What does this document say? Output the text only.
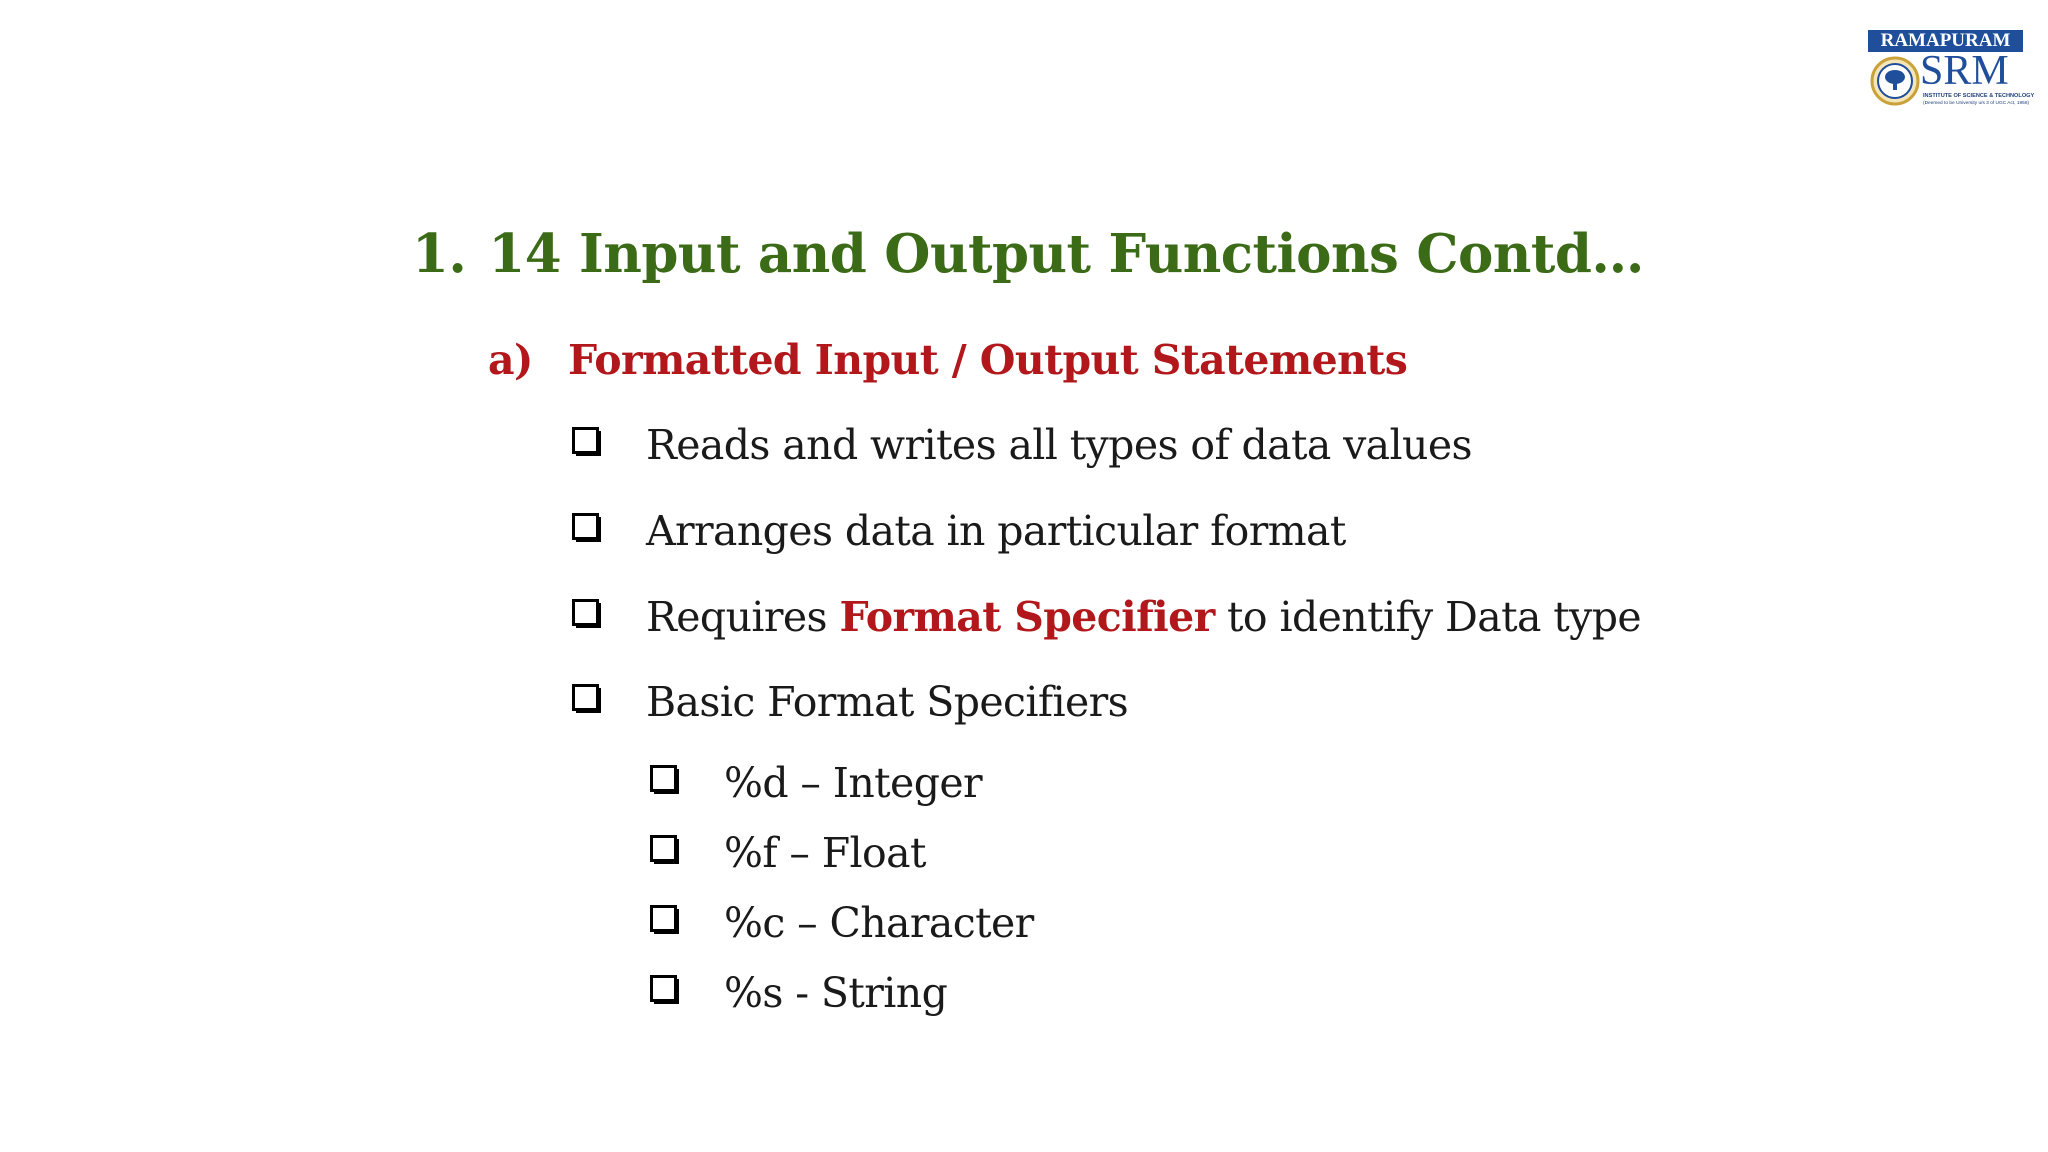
RAMAPURAM
SRM
INSTITUTE OF SCIENCE & TECHNOLOGY
(Deemed to be University u/s 3 of UGC Act, 1956)
1. 14 Input and Output Functions Contd…
a) Formatted Input / Output Statements
Reads and writes all types of data values
Arranges data in particular format
Requires Format Specifier to identify Data type
Basic Format Specifiers
%d – Integer
%f – Float
%c – Character
%s - String
